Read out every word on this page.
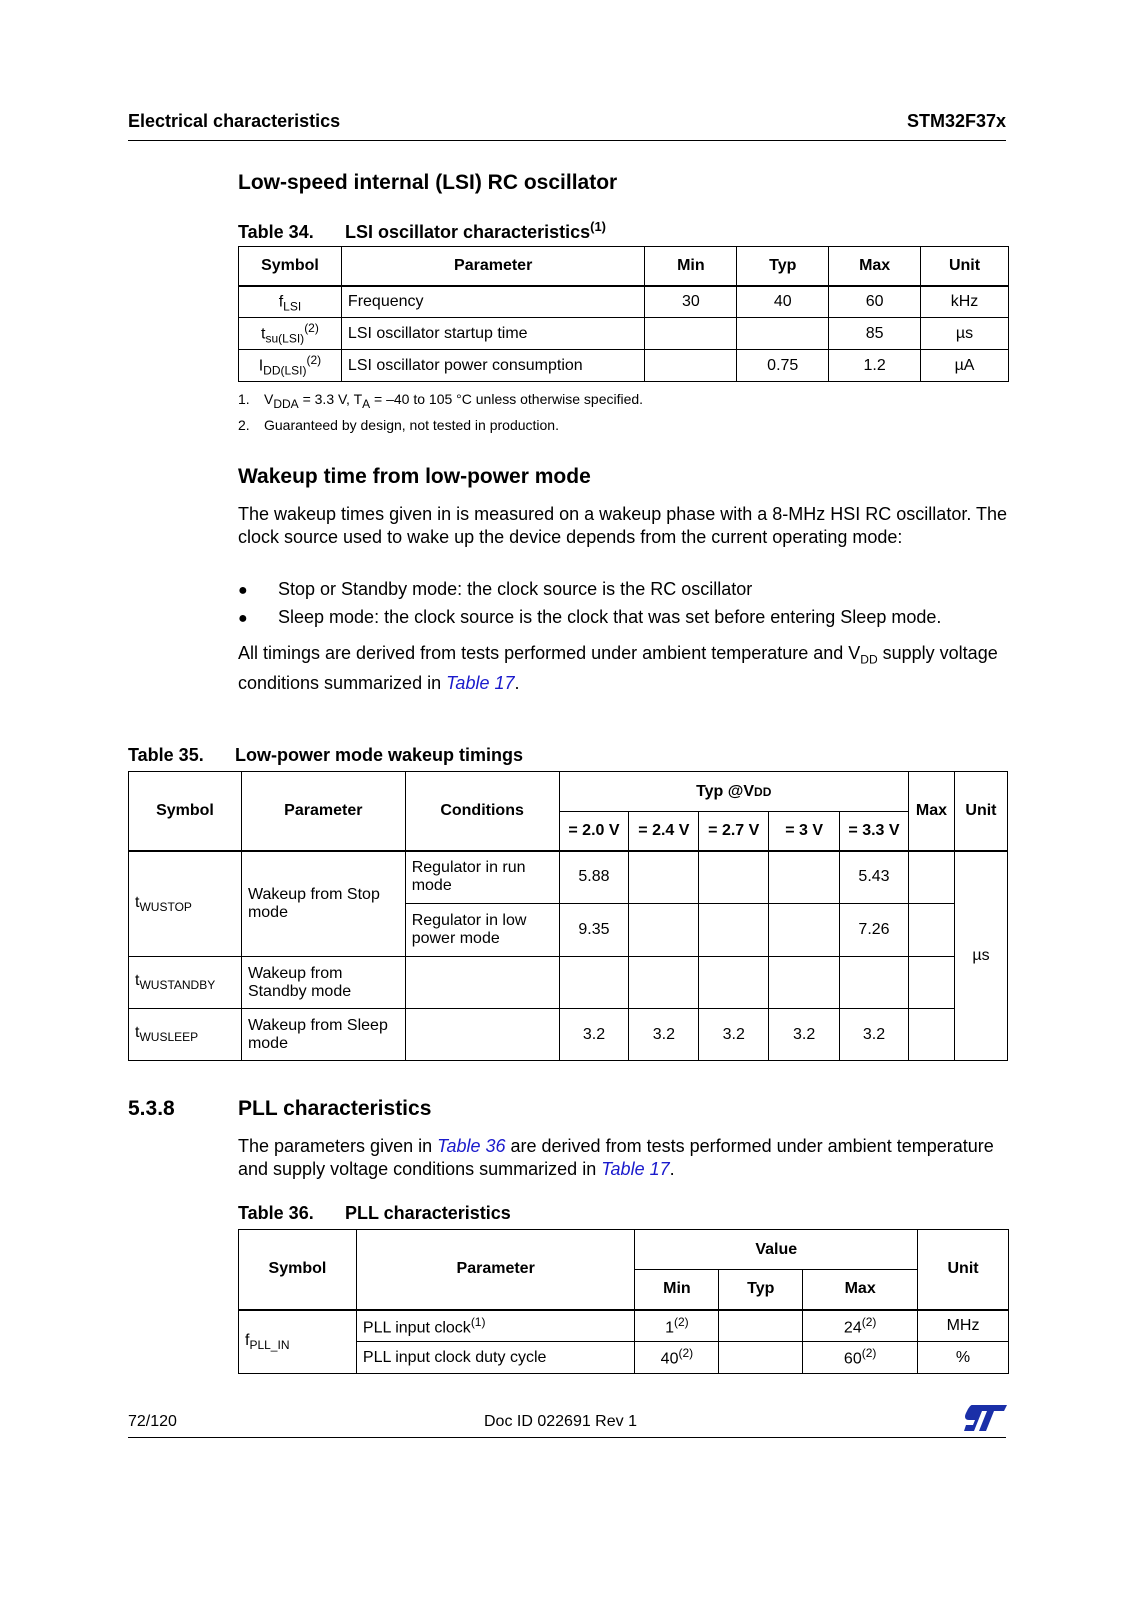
Electrical characteristics	STM32F37x
Low-speed internal (LSI) RC oscillator
Table 34. LSI oscillator characteristics$^{(1)}$
Symbol	Parameter	Min	Typ	Max	Unit
$f_{LSI}$	Frequency	30	40	60	kHz
$t_{su(LSI)}^{(2)}$	LSI oscillator startup time			85	µs
$I_{DD(LSI)}^{(2)}$	LSI oscillator power consumption		0.75	1.2	µA
1. $V_{DDA} = 3.3$ V, $T_A = -40$ to 105 °C unless otherwise specified.
2. Guaranteed by design, not tested in production.
Wakeup time from low-power mode
The wakeup times given in is measured on a wakeup phase with a 8-MHz HSI RC oscillator. The clock source used to wake up the device depends from the current operating mode:
● Stop or Standby mode: the clock source is the RC oscillator
● Sleep mode: the clock source is the clock that was set before entering Sleep mode.
All timings are derived from tests performed under ambient temperature and $V_{DD}$ supply voltage conditions summarized in Table 17.
Table 35. Low-power mode wakeup timings
Symbol	Parameter	Conditions	Typ @VDD					Max	Unit
			= 2.0 V	= 2.4 V	= 2.7 V	= 3 V	= 3.3 V		
$t_{WUSTOP}$	Wakeup from Stop mode	Regulator in run mode	5.88				5.43		µs
		Regulator in low power mode	9.35				7.26		
$t_{WUSTANDBY}$	Wakeup from Standby mode								
$t_{WUSLEEP}$	Wakeup from Sleep mode		3.2	3.2	3.2	3.2	3.2		
5.3.8	PLL characteristics
The parameters given in Table 36 are derived from tests performed under ambient temperature and supply voltage conditions summarized in Table 17.
Table 36. PLL characteristics
Symbol	Parameter	Value			Unit
		Min	Typ	Max	
$f_{PLL\_IN}$	PLL input clock$^{(1)}$	1$^{(2)}$		24$^{(2)}$	MHz
	PLL input clock duty cycle	40$^{(2)}$		60$^{(2)}$	%
72/120	Doc ID 022691 Rev 1
